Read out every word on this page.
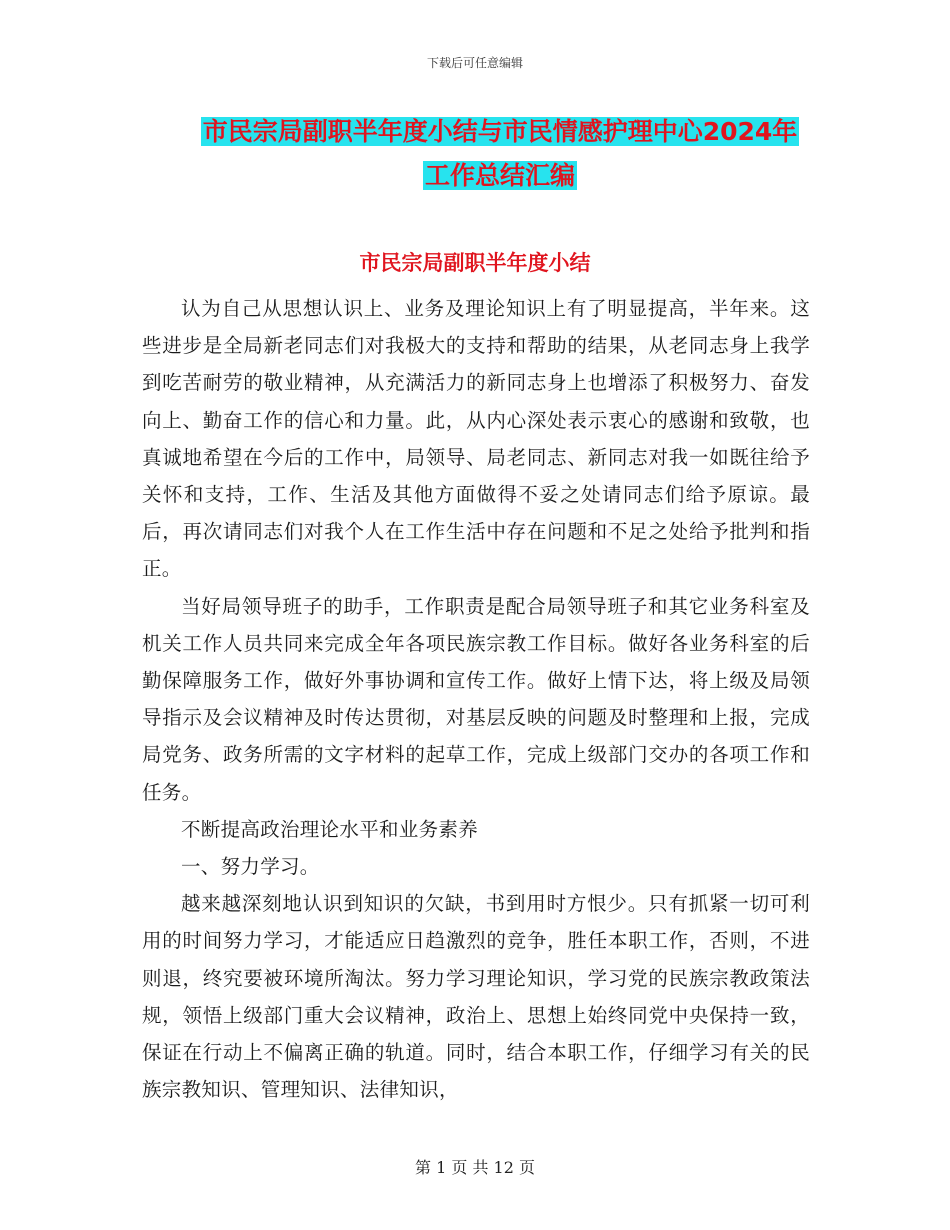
下载后可任意编辑
市民宗局副职半年度小结与市民情感护理中心2024年
工作总结汇编
市民宗局副职半年度小结

认为自己从思想认识上、业务及理论知识上有了明显提高，半年来。这些进步是全局新老同志们对我极大的支持和帮助的结果，从老同志身上我学到吃苦耐劳的敬业精神，从充满活力的新同志身上也增添了积极努力、奋发向上、勤奋工作的信心和力量。此，从内心深处表示衷心的感谢和致敬，也真诚地希望在今后的工作中，局领导、局老同志、新同志对我一如既往给予关怀和支持，工作、生活及其他方面做得不妥之处请同志们给予原谅。最后，再次请同志们对我个人在工作生活中存在问题和不足之处给予批判和指正。

当好局领导班子的助手，工作职责是配合局领导班子和其它业务科室及机关工作人员共同来完成全年各项民族宗教工作目标。做好各业务科室的后勤保障服务工作，做好外事协调和宣传工作。做好上情下达，将上级及局领导指示及会议精神及时传达贯彻，对基层反映的问题及时整理和上报，完成局党务、政务所需的文字材料的起草工作，完成上级部门交办的各项工作和任务。

不断提高政治理论水平和业务素养

一、努力学习。

越来越深刻地认识到知识的欠缺，书到用时方恨少。只有抓紧一切可利用的时间努力学习，才能适应日趋激烈的竞争，胜任本职工作，否则，不进则退，终究要被环境所淘汰。努力学习理论知识，学习党的民族宗教政策法规，领悟上级部门重大会议精神，政治上、思想上始终同党中央保持一致，保证在行动上不偏离正确的轨道。同时，结合本职工作，仔细学习有关的民族宗教知识、管理知识、法律知识，

第 1 页 共 12 页
